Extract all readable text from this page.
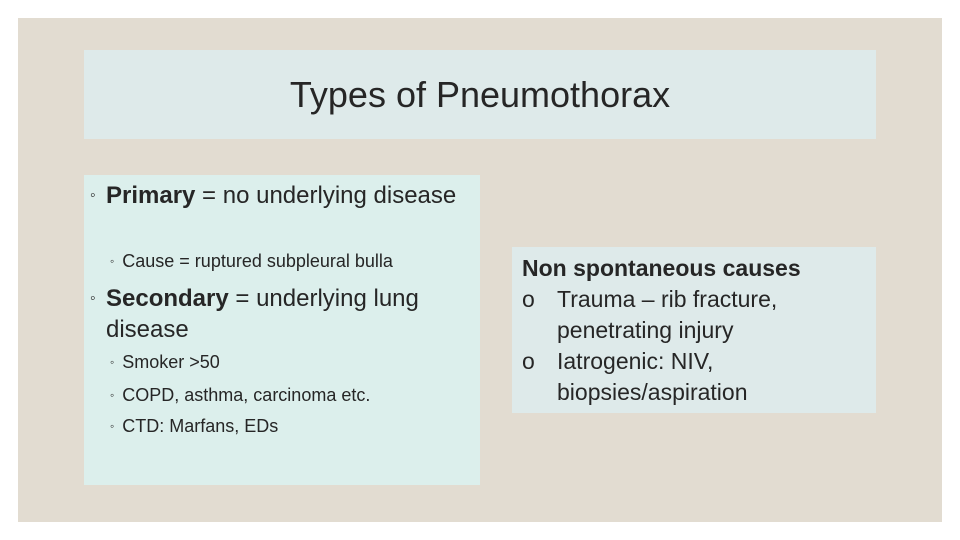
Types of Pneumothorax
◦ Primary = no underlying disease
◦ Cause = ruptured subpleural bulla
◦ Secondary = underlying lung disease
◦ Smoker >50
◦ COPD, asthma, carcinoma etc.
◦ CTD: Marfans, EDs

Non spontaneous causes

o Trauma – rib fracture, penetrating injury
o Iatrogenic: NIV, biopsies/aspiration
